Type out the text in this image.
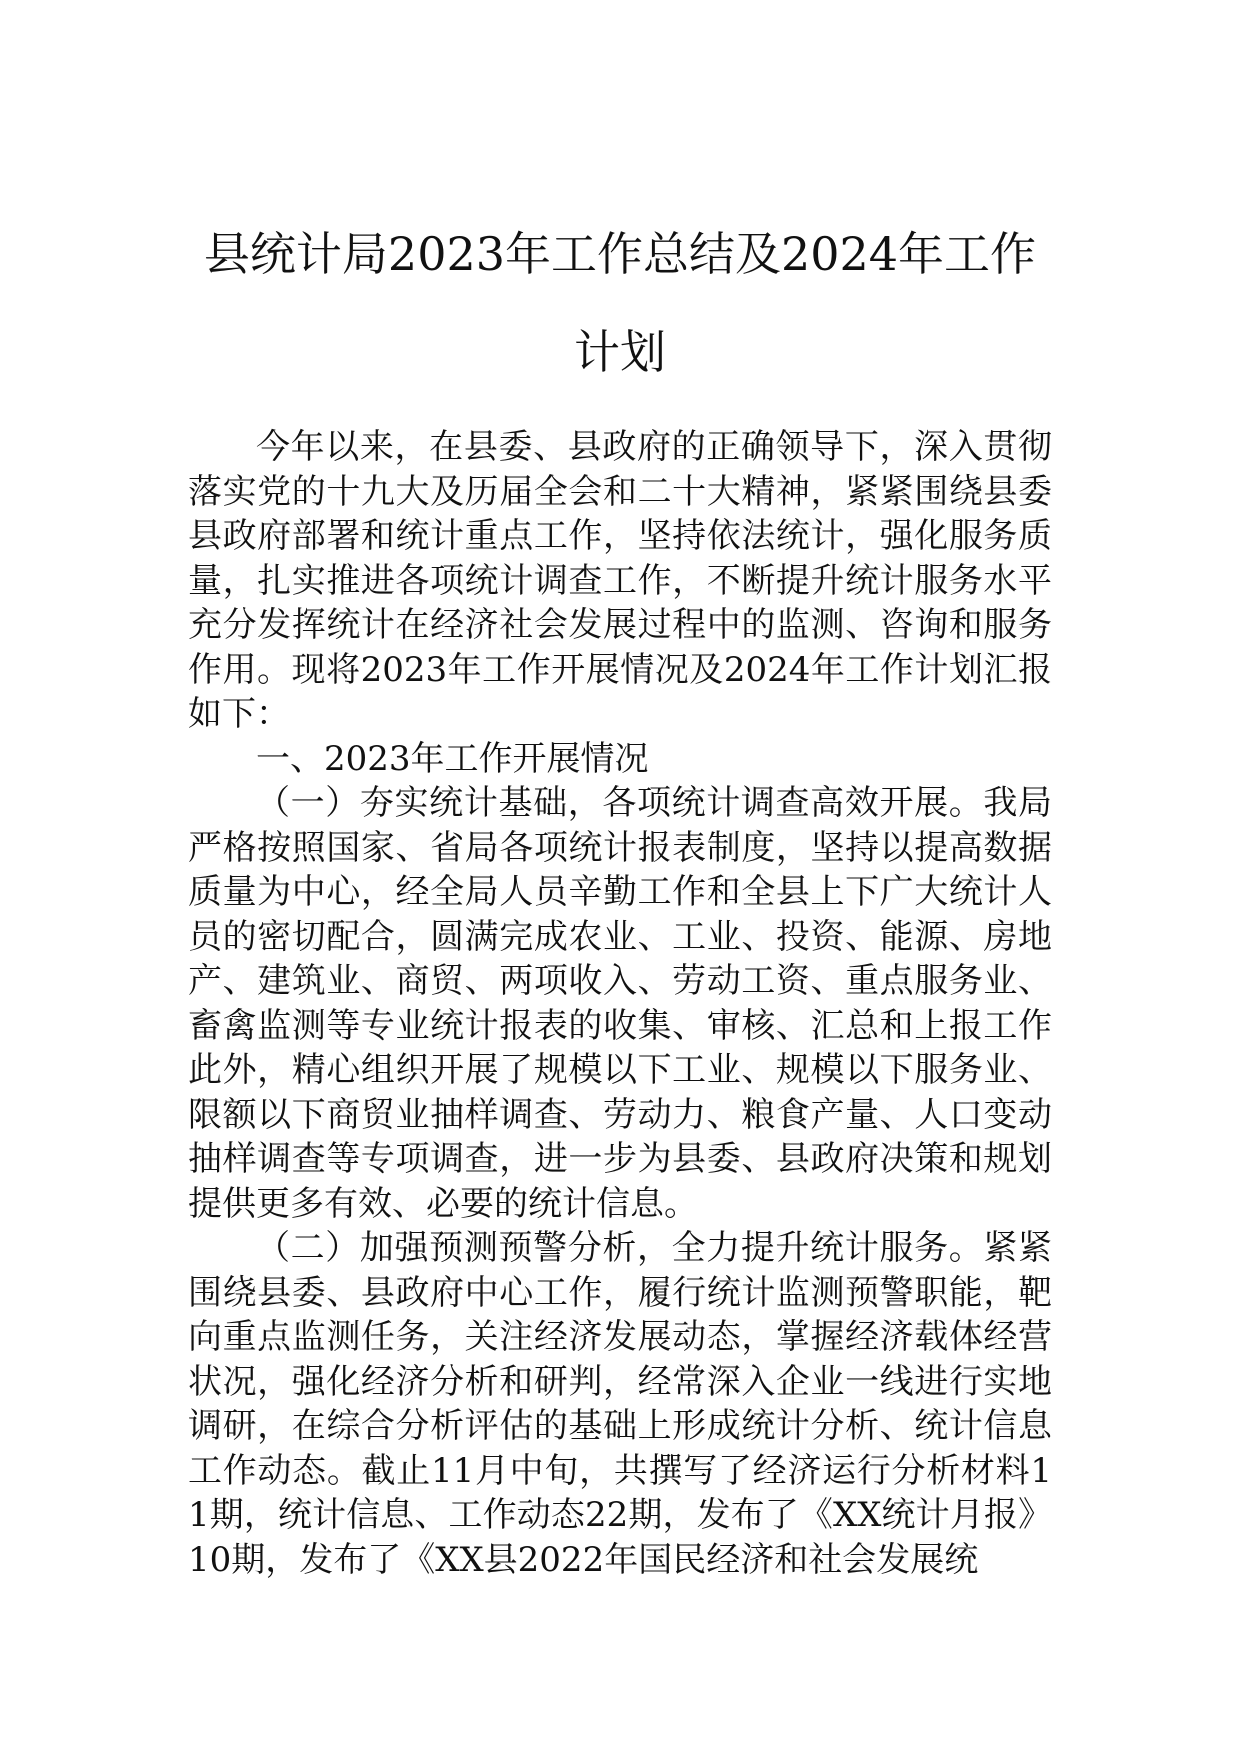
县统计局2023年工作总结及2024年工作计划

今年以来，在县委、县政府的正确领导下，深入贯彻落实党的十九大及历届全会和二十大精神，紧紧围绕县委县政府部署和统计重点工作，坚持依法统计，强化服务质量，扎实推进各项统计调查工作，不断提升统计服务水平充分发挥统计在经济社会发展过程中的监测、咨询和服务作用。现将2023年工作开展情况及2024年工作计划汇报如下：

一、2023年工作开展情况

（一）夯实统计基础，各项统计调查高效开展。我局严格按照国家、省局各项统计报表制度，坚持以提高数据质量为中心，经全局人员辛勤工作和全县上下广大统计人员的密切配合，圆满完成农业、工业、投资、能源、房地产、建筑业、商贸、两项收入、劳动工资、重点服务业、畜禽监测等专业统计报表的收集、审核、汇总和上报工作此外，精心组织开展了规模以下工业、规模以下服务业、限额以下商贸业抽样调查、劳动力、粮食产量、人口变动抽样调查等专项调查，进一步为县委、县政府决策和规划提供更多有效、必要的统计信息。

（二）加强预测预警分析，全力提升统计服务。紧紧围绕县委、县政府中心工作，履行统计监测预警职能，靶向重点监测任务，关注经济发展动态，掌握经济载体经营状况，强化经济分析和研判，经常深入企业一线进行实地调研，在综合分析评估的基础上形成统计分析、统计信息工作动态。截止11月中旬，共撰写了经济运行分析材料11期，统计信息、工作动态22期，发布了《XX统计月报》10期，发布了《XX县2022年国民经济和社会发展统
